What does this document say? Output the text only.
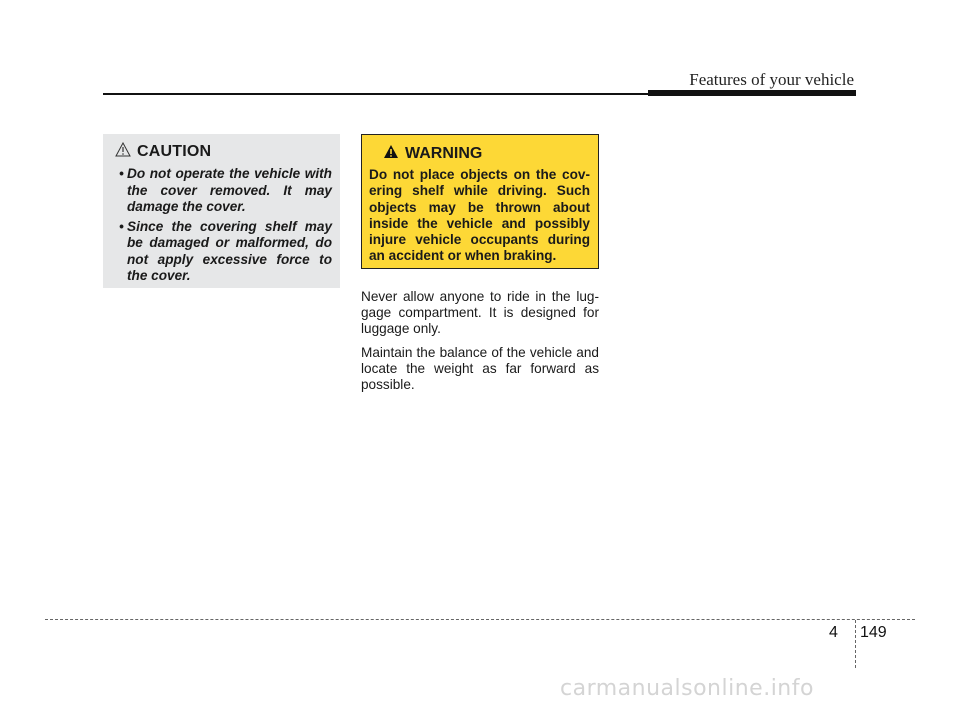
Features of your vehicle
CAUTION
• Do not operate the vehicle with the cover removed. It may damage the cover.
• Since the covering shelf may be damaged or malformed, do not apply excessive force to the cover.
WARNING

Do not place objects on the cov-ering shelf while driving. Such objects may be thrown about inside the vehicle and possibly injure vehicle occupants during an accident or when braking.

Never allow anyone to ride in the lug-gage compartment. It is designed for luggage only.

Maintain the balance of the vehicle and locate the weight as far forward as possible.

4 149
carmanualsonline.info
